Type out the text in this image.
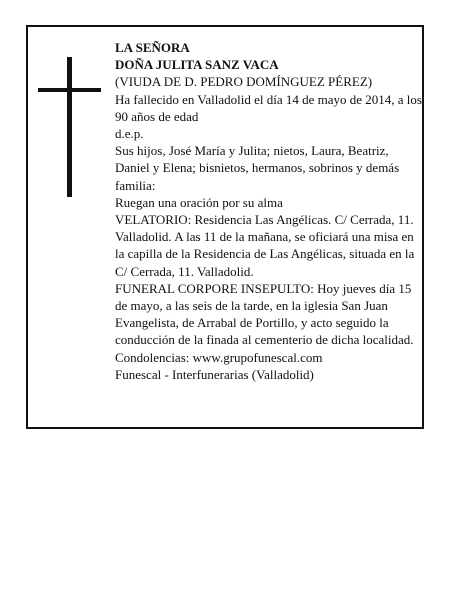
LA SEÑORA

DOÑA JULITA SANZ VACA

(VIUDA DE D. PEDRO DOMÍNGUEZ PÉREZ)

Ha fallecido en Valladolid el día 14 de mayo de 2014, a los 90 años de edad

d.e.p.

Sus hijos, José María y Julita; nietos, Laura, Beatriz, Daniel y Elena; bisnietos, hermanos, sobrinos y demás familia:

Ruegan una oración por su alma

VELATORIO: Residencia Las Angélicas. C/ Cerrada, 11. Valladolid. A las 11 de la mañana, se oficiará una misa en la capilla de la Residencia de Las Angélicas, situada en la C/ Cerrada, 11. Valladolid.

FUNERAL CORPORE INSEPULTO: Hoy jueves día 15 de mayo, a las seis de la tarde, en la iglesia San Juan Evangelista, de Arrabal de Portillo, y acto seguido la conducción de la finada al cementerio de dicha localidad. Condolencias: www.grupofunescal.com

Funescal - Interfunerarias (Valladolid)
